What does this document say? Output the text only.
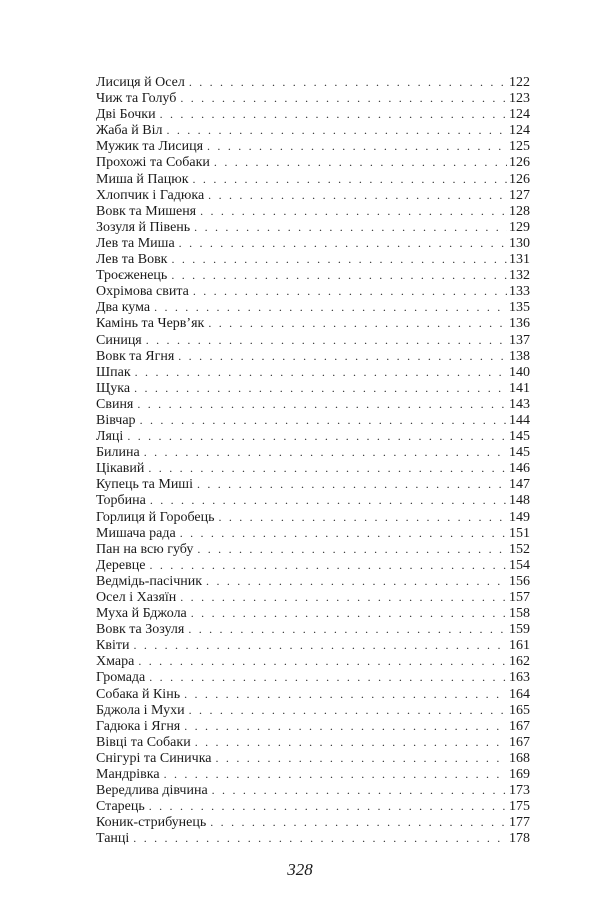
Лисиця й Осел . . .	122
Чиж та Голуб . . .	123
Дві Бочки . . .	124
Жаба й Віл . . .	124
Мужик та Лисиця . . .	125
Прохожі та Собаки . . .	126
Миша й Пацюк . . .	126
Хлопчик і Гадюка . . .	127
Вовк та Мишеня . . .	128
Зозуля й Півень . . .	129
Лев та Миша . . .	130
Лев та Вовк . . .	131
Троєженець . . .	132
Охрімова свита . . .	133
Два кума . . .	135
Камінь та Черв’як . . .	136
Синиця . . .	137
Вовк та Ягня . . .	138
Шпак . . .	140
Щука . . .	141
Свиня . . .	143
Вівчар . . .	144
Ляці . . .	145
Билина . . .	145
Цікавий . . .	146
Купець та Миші . . .	147
Торбина . . .	148
Горлиця й Горобець . . .	149
Мишача рада . . .	151
Пан на всю губу . . .	152
Деревце . . .	154
Ведмідь-пасічник . . .	156
Осел і Хазяїн . . .	157
Муха й Бджола . . .	158
Вовк та Зозуля . . .	159
Квіти . . .	161
Хмара . . .	162
Громада . . .	163
Собака й Кінь . . .	164
Бджола і Мухи . . .	165
Гадюка і Ягня . . .	167
Вівці та Собаки . . .	167
Снігурі та Синичка . . .	168
Мандрівка . . .	169
Вередлива дівчина . . .	173
Старець . . .	175
Коник-стрибунець . . .	177
Танці . . .	178
328
